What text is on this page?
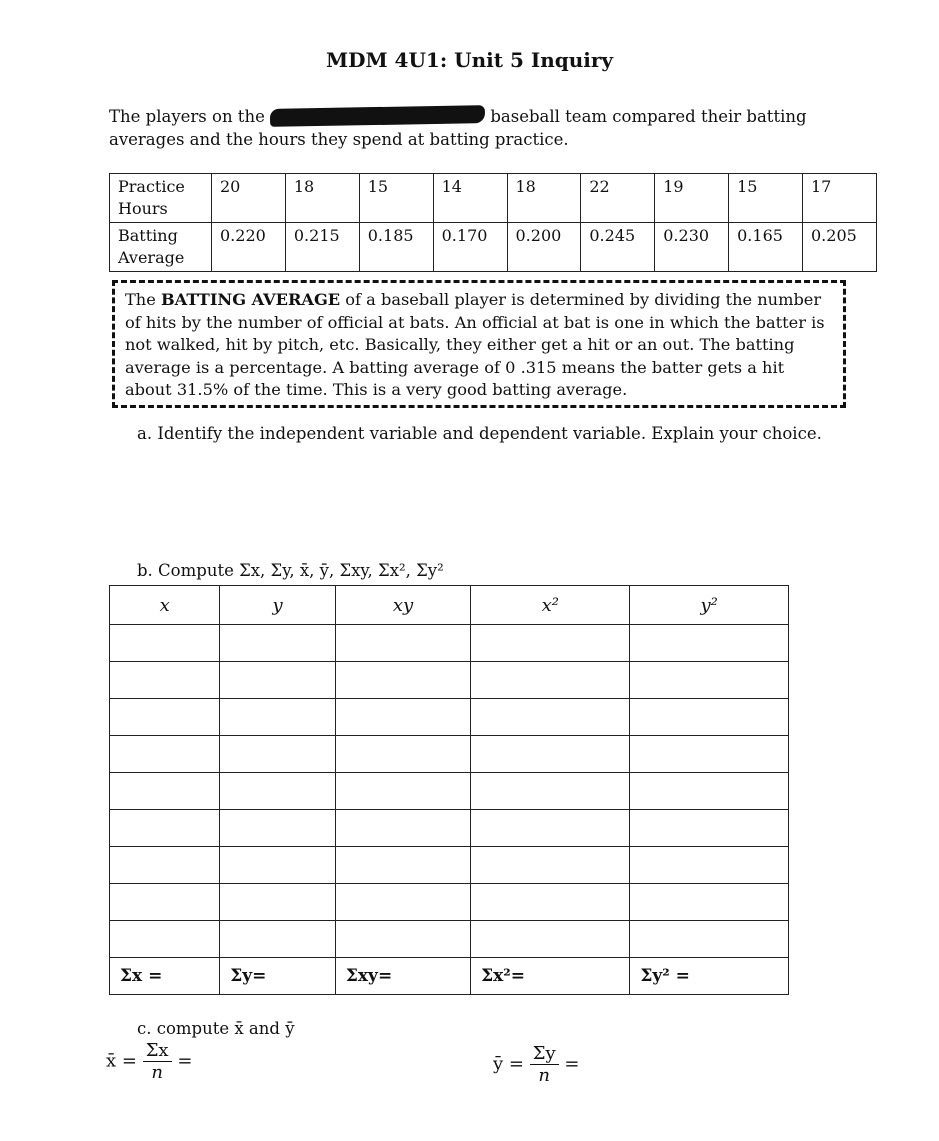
MDM 4U1: Unit 5 Inquiry
The players on the	baseball team compared their batting averages and the hours they spend at batting practice.
Practice Hours	20	18	15	14	18	22	19	15	17
Batting Average	0.220	0.215	0.185	0.170	0.200	0.245	0.230	0.165	0.205
The BATTING AVERAGE of a baseball player is determined by dividing the number of hits by the number of official at bats. An official at bat is one in which the batter is not walked, hit by pitch, etc. Basically, they either get a hit or an out. The batting average is a percentage. A batting average of 0 .315 means the batter gets a hit about 31.5% of the time. This is a very good batting average.
a. Identify the independent variable and dependent variable. Explain your choice.
b. Compute Σx, Σy, x̄, ȳ, Σxy, Σx², Σy²
x	y	xy	x²	y²

Σx =	Σy=	Σxy=	Σx²=	Σy² =
c. compute x̄ and ȳ
x̄ = $\frac{\Sigma x}{n}$ =	ȳ = $\frac{\Sigma y}{n}$ =
